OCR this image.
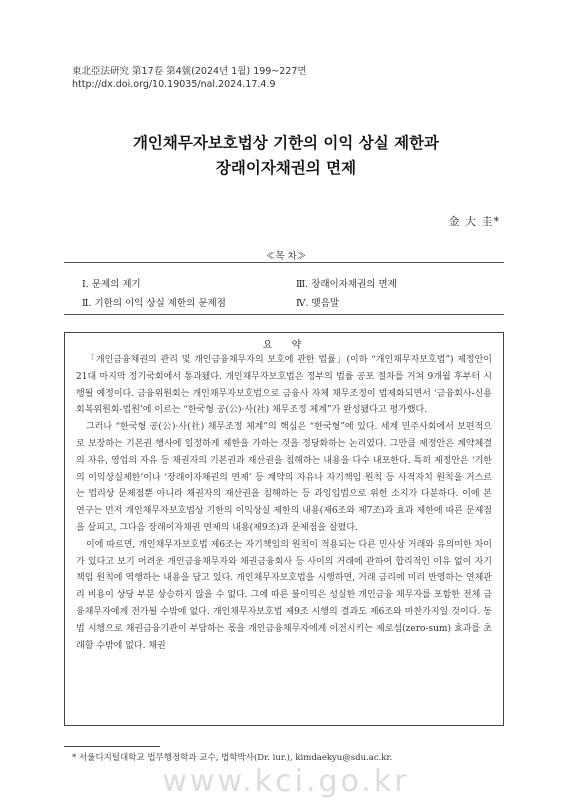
東北亞法研究 第17卷 第4號(2024년 1월) 199~227면
http://dx.doi.org/10.19035/nal.2024.17.4.9
개인채무자보호법상 기한의 이익 상실 제한과
장래이자채권의 면제
金 大 圭*
≪목 차≫
Ⅰ. 문제의 제기	Ⅲ. 장래이자채권의 면제
Ⅱ. 기한의 이익 상실 제한의 문제점	Ⅳ. 맺음말
요 약

「개인금융채권의 관리 및 개인금융채무자의 보호에 관한 법률」(이하 “개인채무자보호법”) 제정안이 21대 마지막 정기국회에서 통과됐다. 개인채무자보호법은 정부의 법률 공포 절차를 거쳐 9개월 후부터 시행될 예정이다. 금융위원회는 개인채무자보호법으로 금융사 자체 채무조정이 법제화되면서 ‘금융회사-신용회복위원회-법원’에 이르는 “한국형 공(公)·사(社) 채무조정 체계”가 완성됐다고 평가했다.

그러나 “한국형 공(公)·사(社) 채무조정 체계”의 핵심은 “한국형”에 있다. 세계 민주사회에서 보편적으로 보장하는 기본권 행사에 일정하게 제한을 가하는 것을 정당화하는 논리였다. 그만큼 제정안은 계약체결의 자유, 영업의 자유 등 채권자의 기본권과 재산권을 침해하는 내용을 다수 내포한다. 특히 제정안은 ‘기한의 이익상실제한’이나 ‘장래이자채권의 면제’ 등 계약의 자유나 자기책임 원칙 등 사적자치 원칙을 거스르는 법리상 문제점뿐 아니라 채권자의 재산권을 침해하는 등 과잉입법으로 위헌 소지가 다분하다. 이에 본 연구는 먼저 개인채무자보호법상 기한의 이익상실 제한의 내용(제6조와 제7조)과 효과 제한에 따른 문제점을 살피고, 그다음 장래이자채권 면제의 내용(제9조)과 문제점을 살폈다.

이에 따르면, 개인채무자보호법 제6조는 자기책임의 원칙이 적용되는 다른 민사상 거래와 유의미한 차이가 있다고 보기 어려운 개인금융채무자와 채권금융회사 등 사이의 거래에 관하여 합리적인 이유 없이 자기책임 원칙에 역행하는 내용을 담고 있다. 개인채무자보호법을 시행하면, 거래 금리에 미리 반영하는 연체관리 비용이 상당 부분 상승하지 않을 수 없다. 그에 따른 불이익은 성실한 개인금융 채무자를 포함한 전체 금융채무자에게 전가될 수밖에 없다. 개인채무자보호법 제9조 시행의 결과도 제6조와 마찬가지일 것이다. 동법 시행으로 채권금융기관이 부담하는 몫을 개인금융채무자에게 이전시키는 제로섬(zero-sum) 효과를 초래할 수밖에 없다. 채권

* 서울디지털대학교 법무행정학과 교수, 법학박사(Dr. iur.), kimdaekyu@sdu.ac.kr.
www.kci.go.kr
